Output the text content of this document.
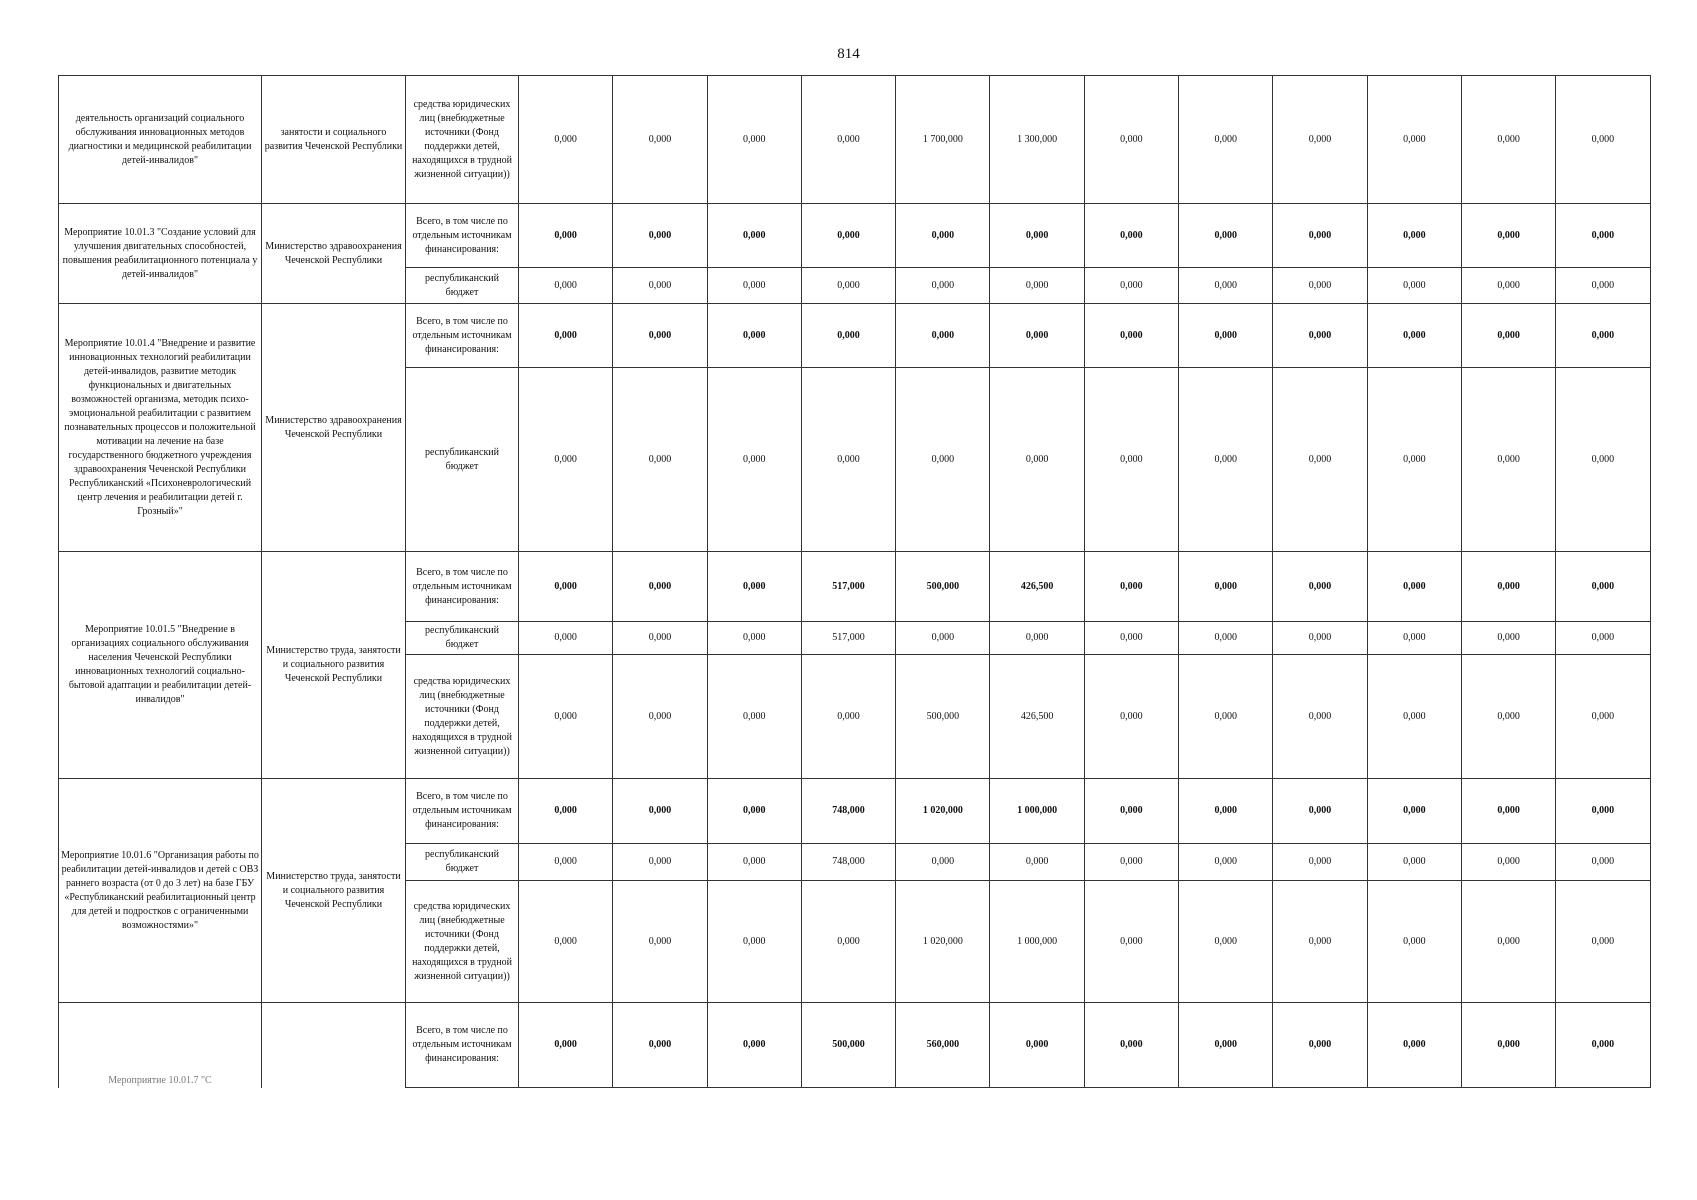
814
деятельность организаций социального обслуживания инновационных методов диагностики и медицинской реабилитации детей-инвалидов"	занятости и социального развития Чеченской Республики	средства юридических лиц (внебюджетные источники (Фонд поддержки детей, находящихся в трудной жизненной ситуации))	0,000	0,000	0,000	0,000	1 700,000	1 300,000	0,000	0,000	0,000	0,000	0,000	0,000
Мероприятие 10.01.3 "Создание условий для улучшения двигательных способностей, повышения реабилитационного потенциала у детей-инвалидов"	Министерство здравоохранения Чеченской Республики	Всего, в том числе по отдельным источникам финансирования:	0,000	0,000	0,000	0,000	0,000	0,000	0,000	0,000	0,000	0,000	0,000	0,000
		республиканский бюджет	0,000	0,000	0,000	0,000	0,000	0,000	0,000	0,000	0,000	0,000	0,000	0,000
Мероприятие 10.01.4 "Внедрение и развитие инновационных технологий реабилитации детей-инвалидов, развитие методик функциональных и двигательных возможностей организма, методик психо-эмоциональной реабилитации с развитием познавательных процессов и положительной мотивации на лечение на базе государственного бюджетного учреждения здравоохранения Чеченской Республики Республиканский «Психоневрологический центр лечения и реабилитации детей г. Грозный»"	Министерство здравоохранения Чеченской Республики	Всего, в том числе по отдельным источникам финансирования:	0,000	0,000	0,000	0,000	0,000	0,000	0,000	0,000	0,000	0,000	0,000	0,000
		республиканский бюджет	0,000	0,000	0,000	0,000	0,000	0,000	0,000	0,000	0,000	0,000	0,000	0,000
Мероприятие 10.01.5 "Внедрение в организациях социального обслуживания населения Чеченской Республики инновационных технологий социально-бытовой адаптации и реабилитации детей-инвалидов"	Министерство труда, занятости и социального развития Чеченской Республики	Всего, в том числе по отдельным источникам финансирования:	0,000	0,000	0,000	517,000	500,000	426,500	0,000	0,000	0,000	0,000	0,000	0,000
		республиканский бюджет	0,000	0,000	0,000	517,000	0,000	0,000	0,000	0,000	0,000	0,000	0,000	0,000
		средства юридических лиц (внебюджетные источники (Фонд поддержки детей, находящихся в трудной жизненной ситуации))	0,000	0,000	0,000	0,000	500,000	426,500	0,000	0,000	0,000	0,000	0,000	0,000
Мероприятие 10.01.6 "Организация работы по реабилитации детей-инвалидов и детей с ОВЗ раннего возраста (от 0 до 3 лет) на базе ГБУ «Республиканский реабилитационный центр для детей и подростков с ограниченными возможностями»"	Министерство труда, занятости и социального развития Чеченской Республики	Всего, в том числе по отдельным источникам финансирования:	0,000	0,000	0,000	748,000	1 020,000	1 000,000	0,000	0,000	0,000	0,000	0,000	0,000
		республиканский бюджет	0,000	0,000	0,000	748,000	0,000	0,000	0,000	0,000	0,000	0,000	0,000	0,000
		средства юридических лиц (внебюджетные источники (Фонд поддержки детей, находящихся в трудной жизненной ситуации))	0,000	0,000	0,000	0,000	1 020,000	1 000,000	0,000	0,000	0,000	0,000	0,000	0,000
Мероприятие 10.01.7 "С		Всего, в том числе по отдельным источникам финансирования:	0,000	0,000	0,000	500,000	560,000	0,000	0,000	0,000	0,000	0,000	0,000	0,000
